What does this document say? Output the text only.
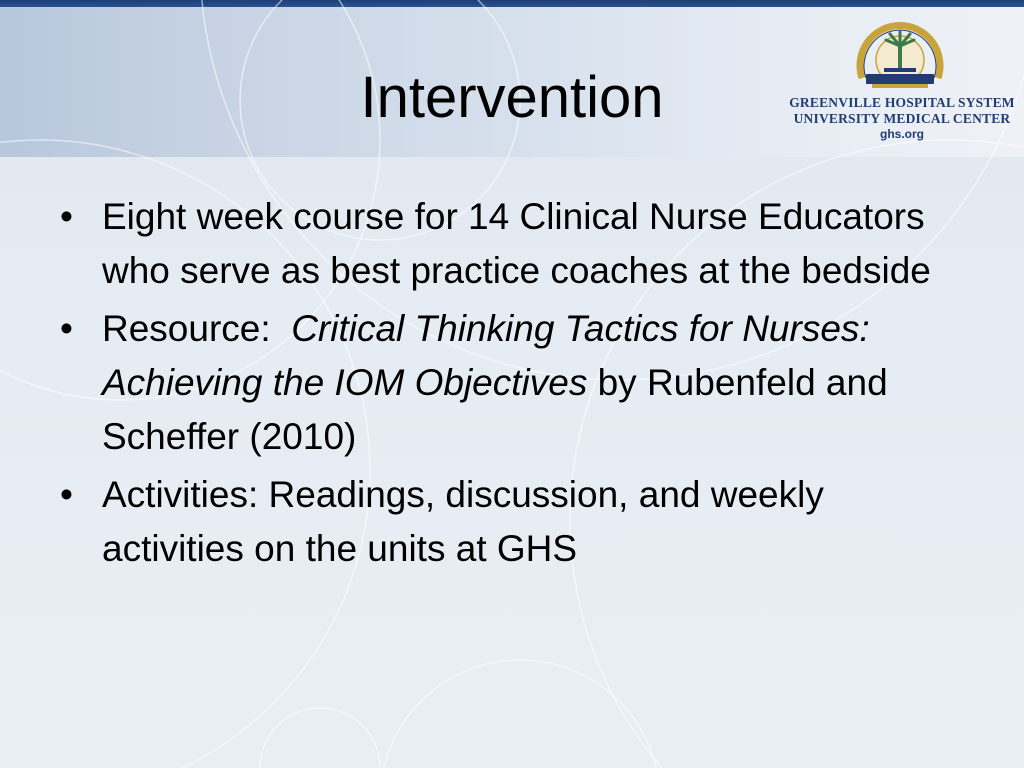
Intervention	GREENVILLE HOSPITAL SYSTEM
UNIVERSITY MEDICAL CENTER
ghs.org
• Eight week course for 14 Clinical Nurse Educators who serve as best practice coaches at the bedside
• Resource:  Critical Thinking Tactics for Nurses: Achieving the IOM Objectives by Rubenfeld and Scheffer (2010)
• Activities: Readings, discussion, and weekly activities on the units at GHS
